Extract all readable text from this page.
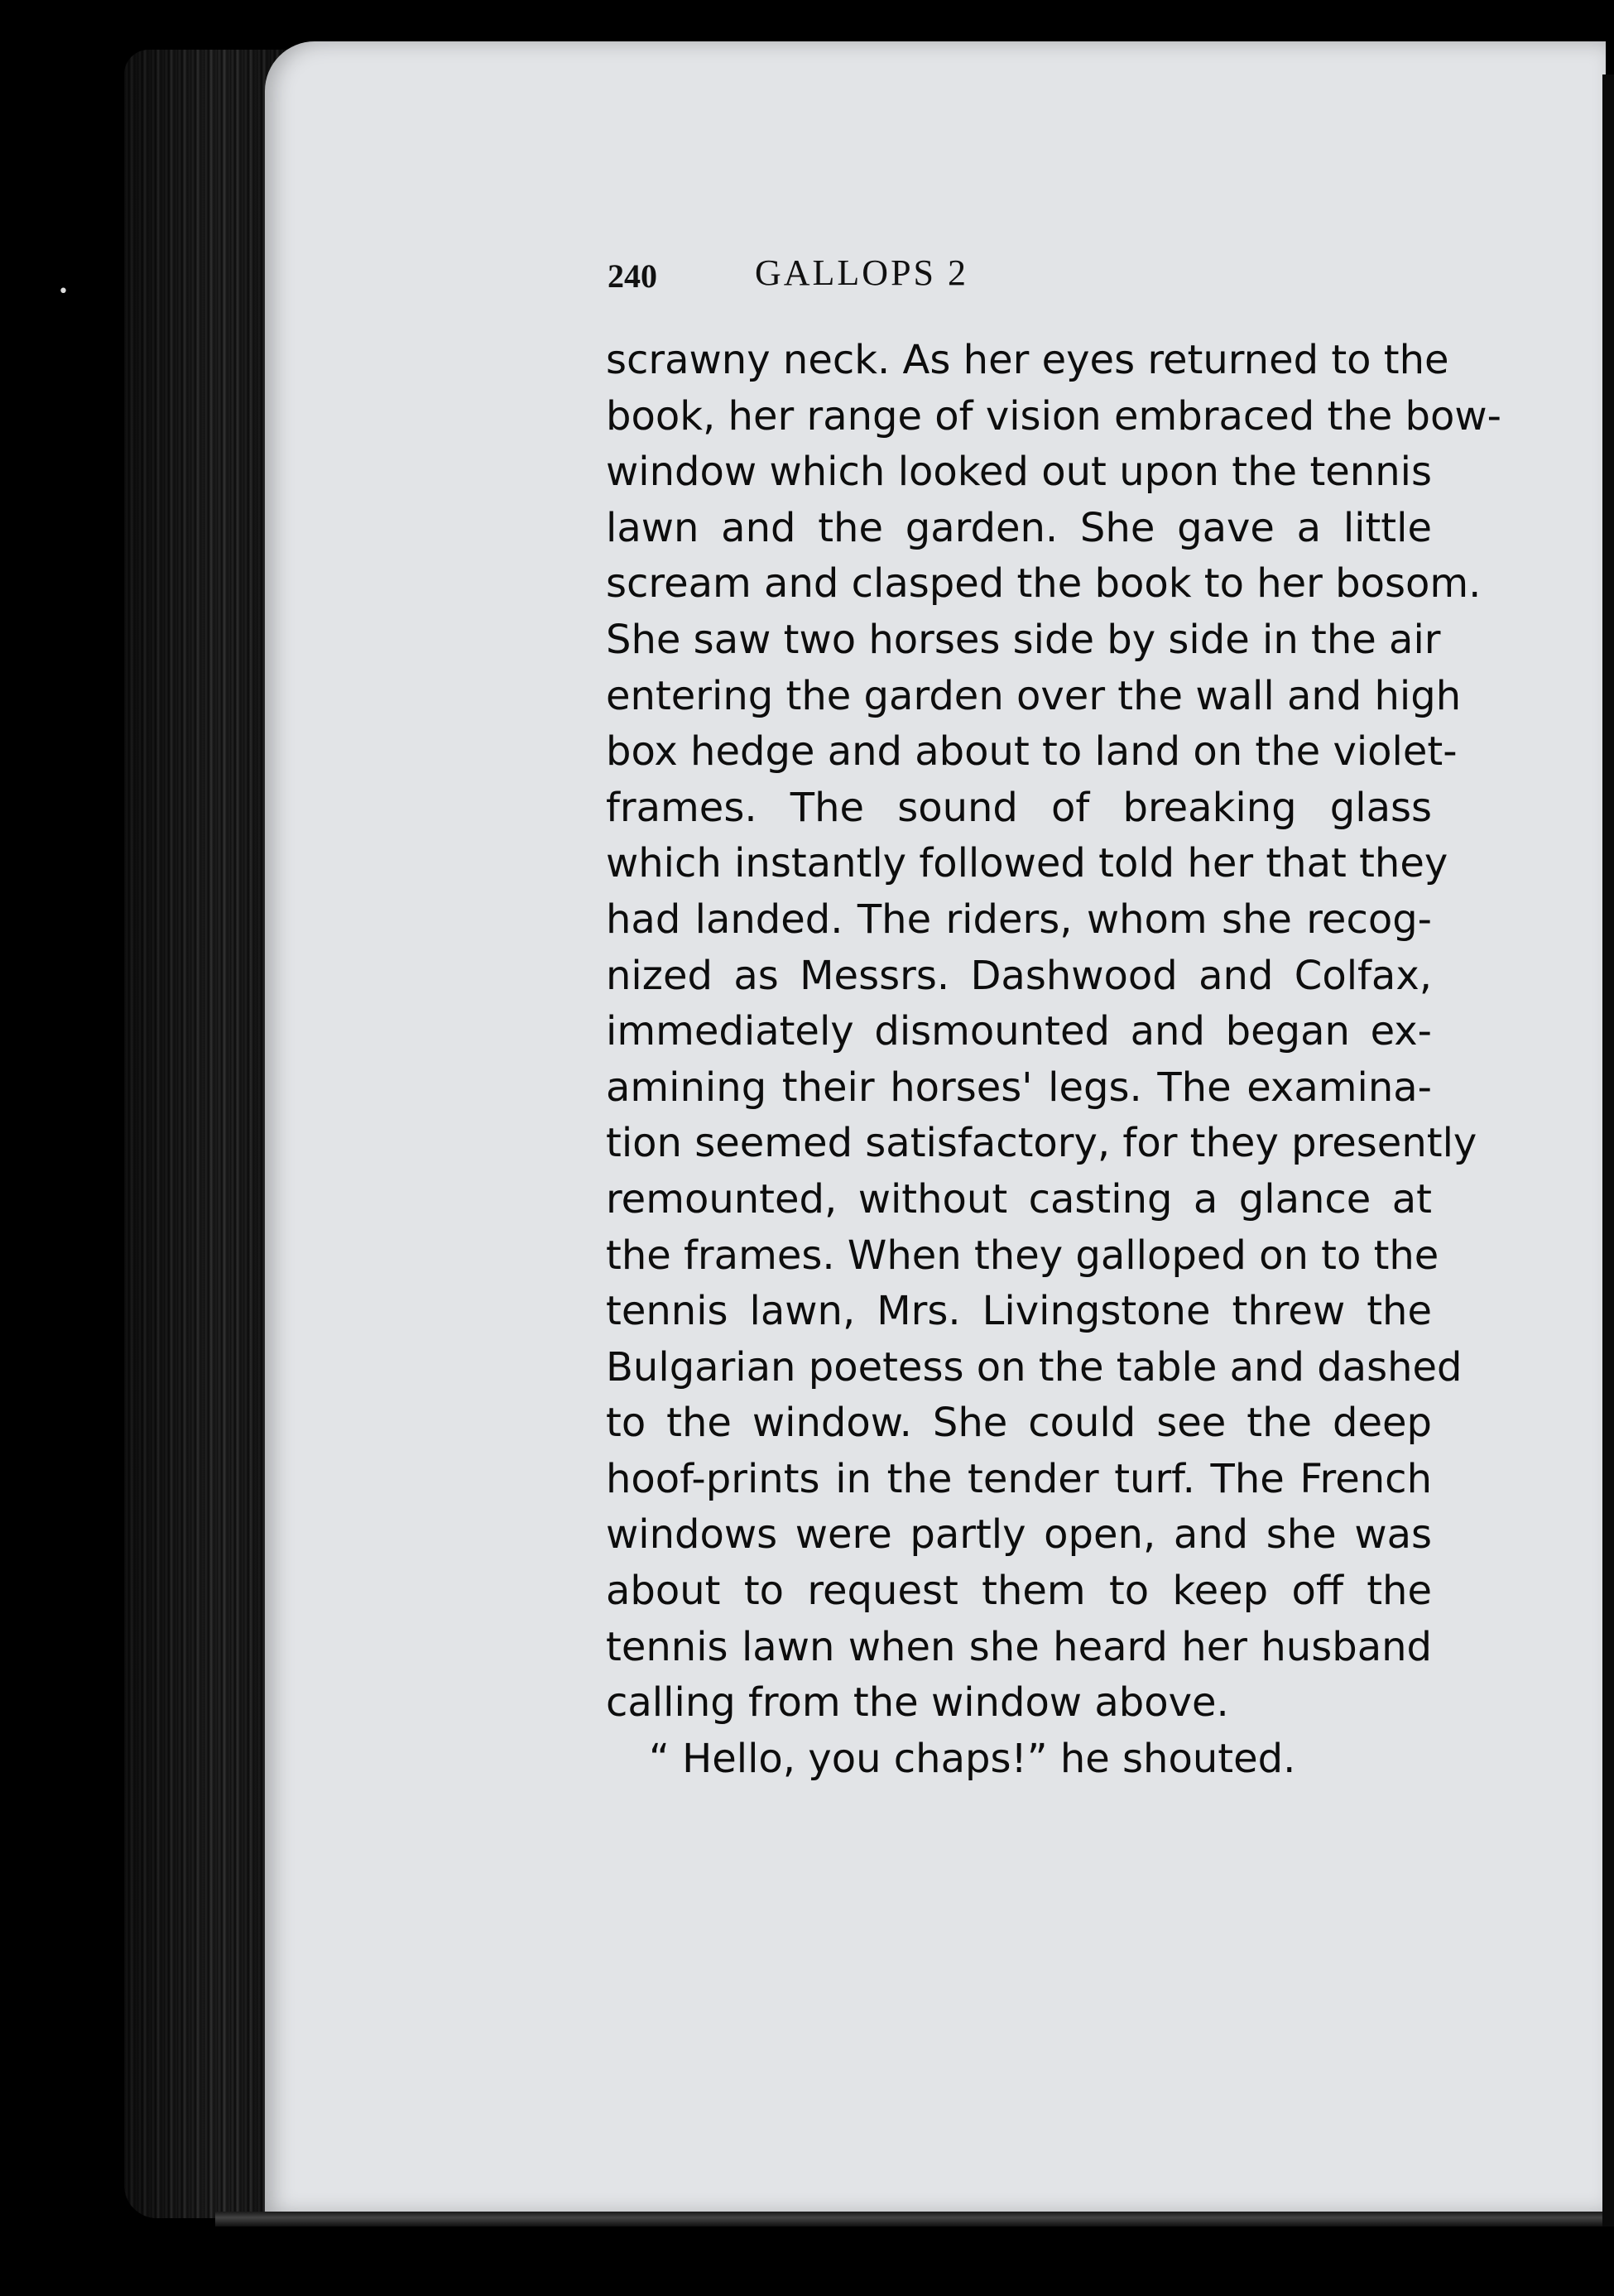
•	240	GALLOPS 2
scrawny neck. As her eyes returned to the
book, her range of vision embraced the bow-
window which looked out upon the tennis
lawn and the garden. She gave a little
scream and clasped the book to her bosom.
She saw two horses side by side in the air
entering the garden over the wall and high
box hedge and about to land on the violet-
frames. The sound of breaking glass
which instantly followed told her that they
had landed. The riders, whom she recog-
nized as Messrs. Dashwood and Colfax,
immediately dismounted and began ex-
amining their horses' legs. The examina-
tion seemed satisfactory, for they presently
remounted, without casting a glance at
the frames. When they galloped on to the
tennis lawn, Mrs. Livingstone threw the
Bulgarian poetess on the table and dashed
to the window. She could see the deep
hoof-prints in the tender turf. The French
windows were partly open, and she was
about to request them to keep off the
tennis lawn when she heard her husband
calling from the window above.
“ Hello, you chaps!” he shouted.
